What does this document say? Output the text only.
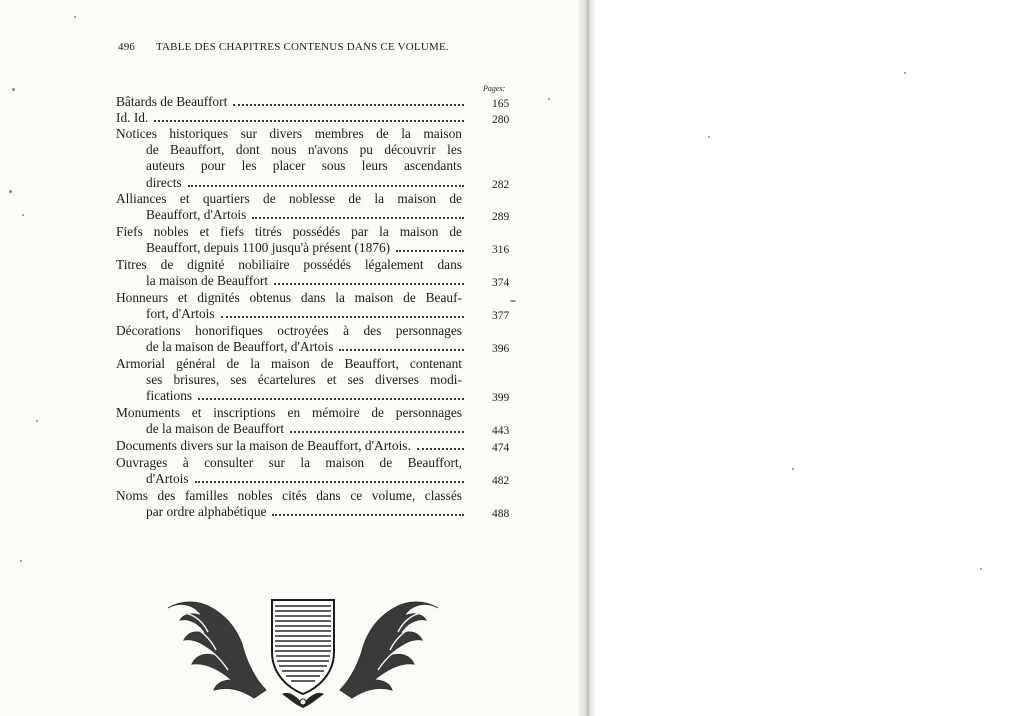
496 TABLE DES CHAPITRES CONTENUS DANS CE VOLUME.
Pages:
Bâtards de Beauffort	165
Id. Id.	280
Notices historiques sur divers membres de la maison
de Beauffort, dont nous n'avons pu découvrir les
auteurs pour les placer sous leurs ascendants
directs	282
Alliances et quartiers de noblesse de la maison de
Beauffort, d'Artois	289
Fiefs nobles et fiefs titrés possédés par la maison de
Beauffort, depuis 1100 jusqu'à présent (1876)	316
Titres de dignité nobiliaire possédés légalement dans
la maison de Beauffort	374
Honneurs et dignités obtenus dans la maison de Beauf-
fort, d'Artois	377
Décorations honorifiques octroyées à des personnages
de la maison de Beauffort, d'Artois	396
Armorial général de la maison de Beauffort, contenant
ses brisures, ses écartelures et ses diverses modi-
fications	399
Monuments et inscriptions en mémoire de personnages
de la maison de Beauffort	443
Documents divers sur la maison de Beauffort, d'Artois.	474
Ouvrages à consulter sur la maison de Beauffort,
d'Artois	482
Noms des familles nobles cités dans ce volume, classés
par ordre alphabétique	488
